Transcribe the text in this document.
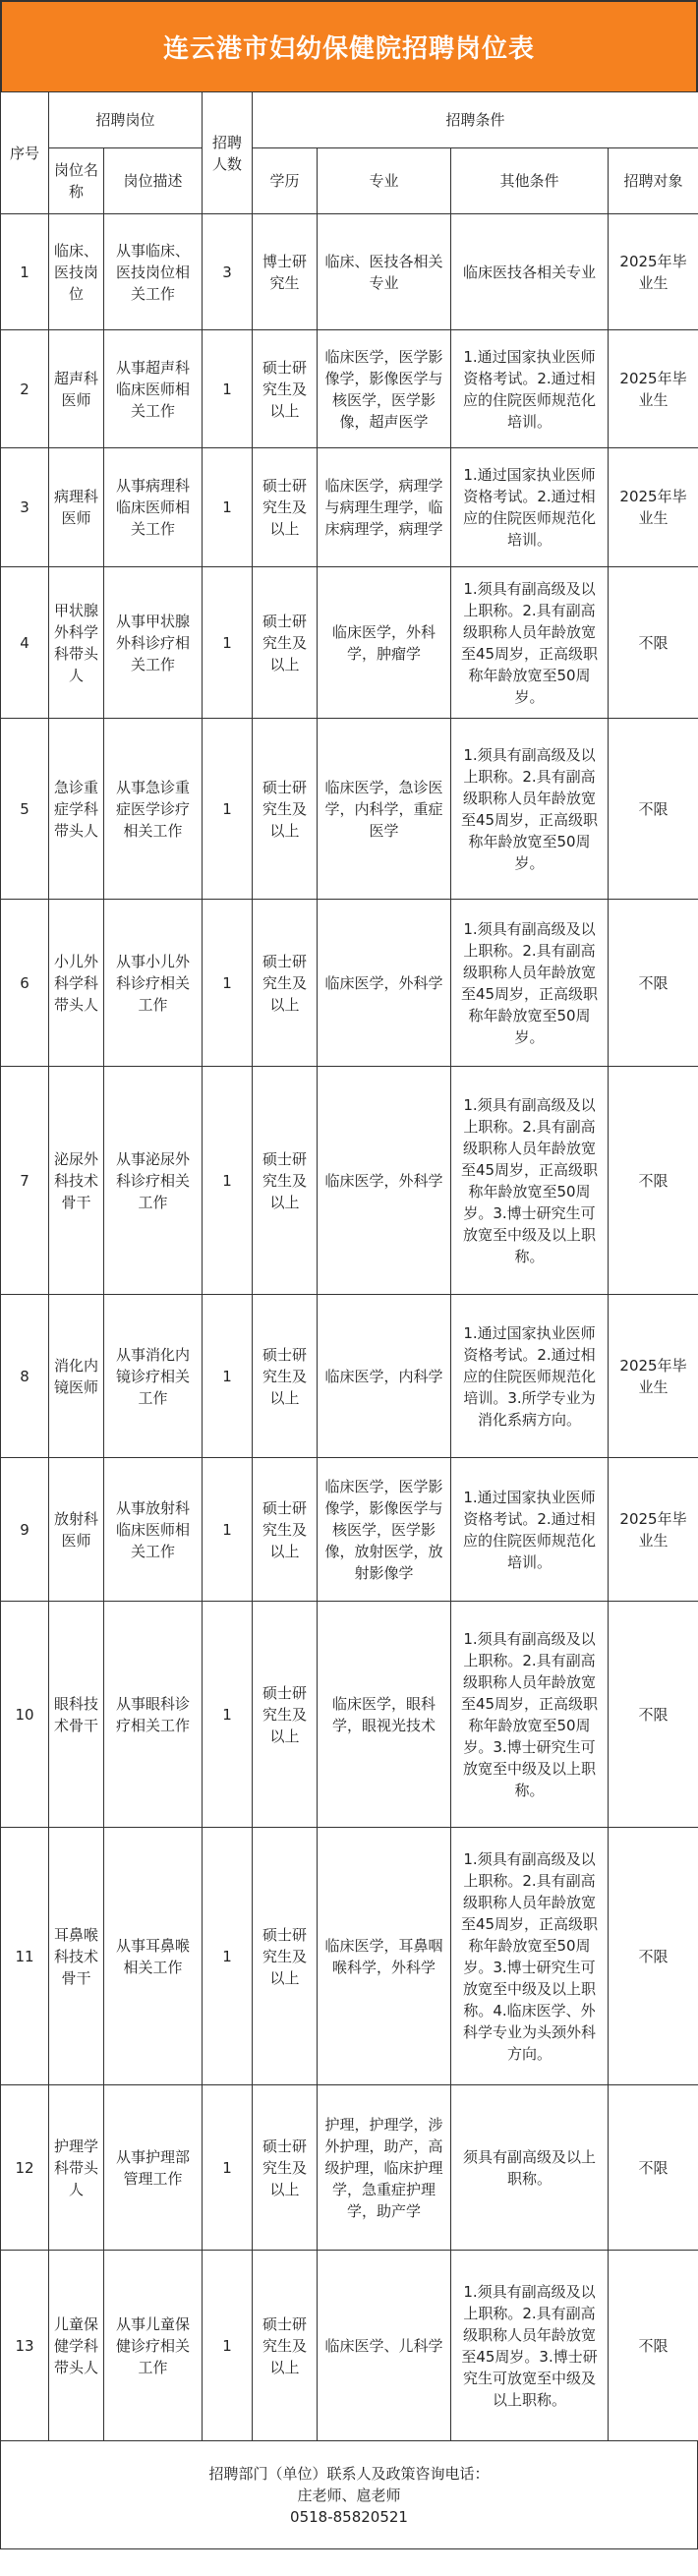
连云港市妇幼保健院招聘岗位表
序号	招聘岗位		招聘人数	招聘条件			
	岗位名称	岗位描述		学历	专业	其他条件	招聘对象
1	临床、医技岗位	从事临床、医技岗位相关工作	3	博士研究生	临床、医技各相关专业	临床医技各相关专业	2025年毕业生
2	超声科医师	从事超声科临床医师相关工作	1	硕士研究生及以上	临床医学，医学影像学，影像医学与核医学，医学影像，超声医学	1.通过国家执业医师资格考试。2.通过相应的住院医师规范化培训。	2025年毕业生
3	病理科医师	从事病理科临床医师相关工作	1	硕士研究生及以上	临床医学，病理学与病理生理学，临床病理学，病理学	1.通过国家执业医师资格考试。2.通过相应的住院医师规范化培训。	2025年毕业生
4	甲状腺外科学科带头人	从事甲状腺外科诊疗相关工作	1	硕士研究生及以上	临床医学，外科学，肿瘤学	1.须具有副高级及以上职称。2.具有副高级职称人员年龄放宽至45周岁，正高级职称年龄放宽至50周岁。	不限
5	急诊重症学科带头人	从事急诊重症医学诊疗相关工作	1	硕士研究生及以上	临床医学，急诊医学，内科学，重症医学	1.须具有副高级及以上职称。2.具有副高级职称人员年龄放宽至45周岁，正高级职称年龄放宽至50周岁。	不限
6	小儿外科学科带头人	从事小儿外科诊疗相关工作	1	硕士研究生及以上	临床医学，外科学	1.须具有副高级及以上职称。2.具有副高级职称人员年龄放宽至45周岁，正高级职称年龄放宽至50周岁。	不限
7	泌尿外科技术骨干	从事泌尿外科诊疗相关工作	1	硕士研究生及以上	临床医学，外科学	1.须具有副高级及以上职称。2.具有副高级职称人员年龄放宽至45周岁，正高级职称年龄放宽至50周岁。3.博士研究生可放宽至中级及以上职称。	不限
8	消化内镜医师	从事消化内镜诊疗相关工作	1	硕士研究生及以上	临床医学，内科学	1.通过国家执业医师资格考试。2.通过相应的住院医师规范化培训。3.所学专业为消化系病方向。	2025年毕业生
9	放射科医师	从事放射科临床医师相关工作	1	硕士研究生及以上	临床医学，医学影像学，影像医学与核医学，医学影像，放射医学，放射影像学	1.通过国家执业医师资格考试。2.通过相应的住院医师规范化培训。	2025年毕业生
10	眼科技术骨干	从事眼科诊疗相关工作	1	硕士研究生及以上	临床医学，眼科学，眼视光技术	1.须具有副高级及以上职称。2.具有副高级职称人员年龄放宽至45周岁，正高级职称年龄放宽至50周岁。3.博士研究生可放宽至中级及以上职称。	不限
11	耳鼻喉科技术骨干	从事耳鼻喉相关工作	1	硕士研究生及以上	临床医学，耳鼻咽喉科学，外科学	1.须具有副高级及以上职称。2.具有副高级职称人员年龄放宽至45周岁，正高级职称年龄放宽至50周岁。3.博士研究生可放宽至中级及以上职称。4.临床医学、外科学专业为头颈外科方向。	不限
12	护理学科带头人	从事护理部管理工作	1	硕士研究生及以上	护理，护理学，涉外护理，助产，高级护理，临床护理学，急重症护理学，助产学	须具有副高级及以上职称。	不限
13	儿童保健学科带头人	从事儿童保健诊疗相关工作	1	硕士研究生及以上	临床医学、儿科学	1.须具有副高级及以上职称。2.具有副高级职称人员年龄放宽至45周岁。3.博士研究生可放宽至中级及以上职称。	不限
招聘部门（单位）联系人及政策咨询电话：
庄老师、扈老师
0518-85820521
